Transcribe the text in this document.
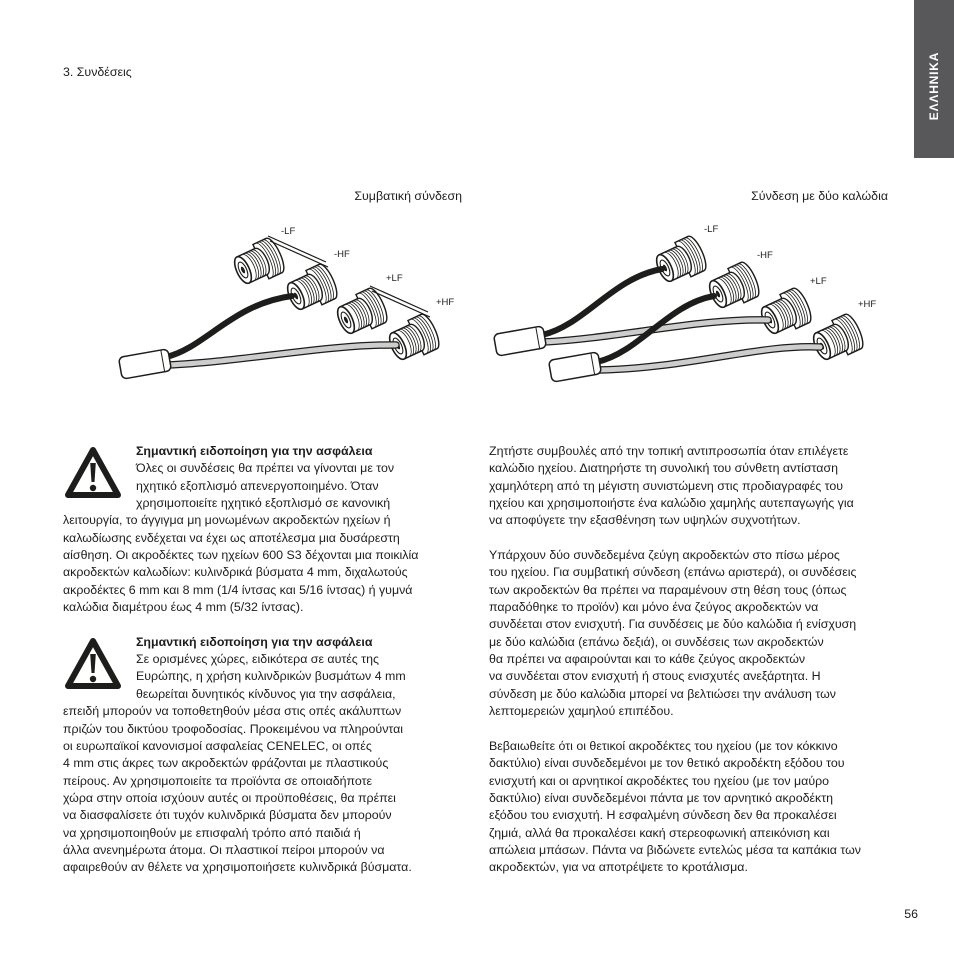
ΕΛΛΗΝΙΚΑ
3. Συνδέσεις
Συμβατική σύνδεση	Σύνδεση με δύο καλώδια
-LF
-HF
+LF
+HF
-LF
-HF
+LF
+HF
Σημαντική ειδοποίηση για την ασφάλεια
Όλες οι συνδέσεις θα πρέπει να γίνονται με τον
ηχητικό εξοπλισμό απενεργοποιημένο. Όταν
χρησιμοποιείτε ηχητικό εξοπλισμό σε κανονική
λειτουργία, το άγγιγμα μη μονωμένων ακροδεκτών ηχείων ή
καλωδίωσης ενδέχεται να έχει ως αποτέλεσμα μια δυσάρεστη
αίσθηση. Οι ακροδέκτες των ηχείων 600 S3 δέχονται μια ποικιλία
ακροδεκτών καλωδίων: κυλινδρικά βύσματα 4 mm, διχαλωτούς
ακροδέκτες 6 mm και 8 mm (1/4 ίντσας και 5/16 ίντσας) ή γυμνά
καλώδια διαμέτρου έως 4 mm (5/32 ίντσας).
Σημαντική ειδοποίηση για την ασφάλεια
Σε ορισμένες χώρες, ειδικότερα σε αυτές της
Ευρώπης, η χρήση κυλινδρικών βυσμάτων 4 mm
θεωρείται δυνητικός κίνδυνος για την ασφάλεια,
επειδή μπορούν να τοποθετηθούν μέσα στις οπές ακάλυπτων
πριζών του δικτύου τροφοδοσίας. Προκειμένου να πληρούνται
οι ευρωπαϊκοί κανονισμοί ασφαλείας CENELEC, οι οπές
4 mm στις άκρες των ακροδεκτών φράζονται με πλαστικούς
πείρους. Αν χρησιμοποιείτε τα προϊόντα σε οποιαδήποτε
χώρα στην οποία ισχύουν αυτές οι προϋποθέσεις, θα πρέπει
να διασφαλίσετε ότι τυχόν κυλινδρικά βύσματα δεν μπορούν
να χρησιμοποιηθούν με επισφαλή τρόπο από παιδιά ή
άλλα ανενημέρωτα άτομα. Οι πλαστικοί πείροι μπορούν να
αφαιρεθούν αν θέλετε να χρησιμοποιήσετε κυλινδρικά βύσματα.
Ζητήστε συμβουλές από την τοπική αντιπροσωπία όταν επιλέγετε
καλώδιο ηχείου. Διατηρήστε τη συνολική του σύνθετη αντίσταση
χαμηλότερη από τη μέγιστη συνιστώμενη στις προδιαγραφές του
ηχείου και χρησιμοποιήστε ένα καλώδιο χαμηλής αυτεπαγωγής για
να αποφύγετε την εξασθένηση των υψηλών συχνοτήτων.
Υπάρχουν δύο συνδεδεμένα ζεύγη ακροδεκτών στο πίσω μέρος
του ηχείου. Για συμβατική σύνδεση (επάνω αριστερά), οι συνδέσεις
των ακροδεκτών θα πρέπει να παραμένουν στη θέση τους (όπως
παραδόθηκε το προϊόν) και μόνο ένα ζεύγος ακροδεκτών να
συνδέεται στον ενισχυτή. Για συνδέσεις με δύο καλώδια ή ενίσχυση
με δύο καλώδια (επάνω δεξιά), οι συνδέσεις των ακροδεκτών
θα πρέπει να αφαιρούνται και το κάθε ζεύγος ακροδεκτών
να συνδέεται στον ενισχυτή ή στους ενισχυτές ανεξάρτητα. Η
σύνδεση με δύο καλώδια μπορεί να βελτιώσει την ανάλυση των
λεπτομερειών χαμηλού επιπέδου.
Βεβαιωθείτε ότι οι θετικοί ακροδέκτες του ηχείου (με τον κόκκινο
δακτύλιο) είναι συνδεδεμένοι με τον θετικό ακροδέκτη εξόδου του
ενισχυτή και οι αρνητικοί ακροδέκτες του ηχείου (με τον μαύρο
δακτύλιο) είναι συνδεδεμένοι πάντα με τον αρνητικό ακροδέκτη
εξόδου του ενισχυτή. Η εσφαλμένη σύνδεση δεν θα προκαλέσει
ζημιά, αλλά θα προκαλέσει κακή στερεοφωνική απεικόνιση και
απώλεια μπάσων. Πάντα να βιδώνετε εντελώς μέσα τα καπάκια των
ακροδεκτών, για να αποτρέψετε το κροτάλισμα.
56
